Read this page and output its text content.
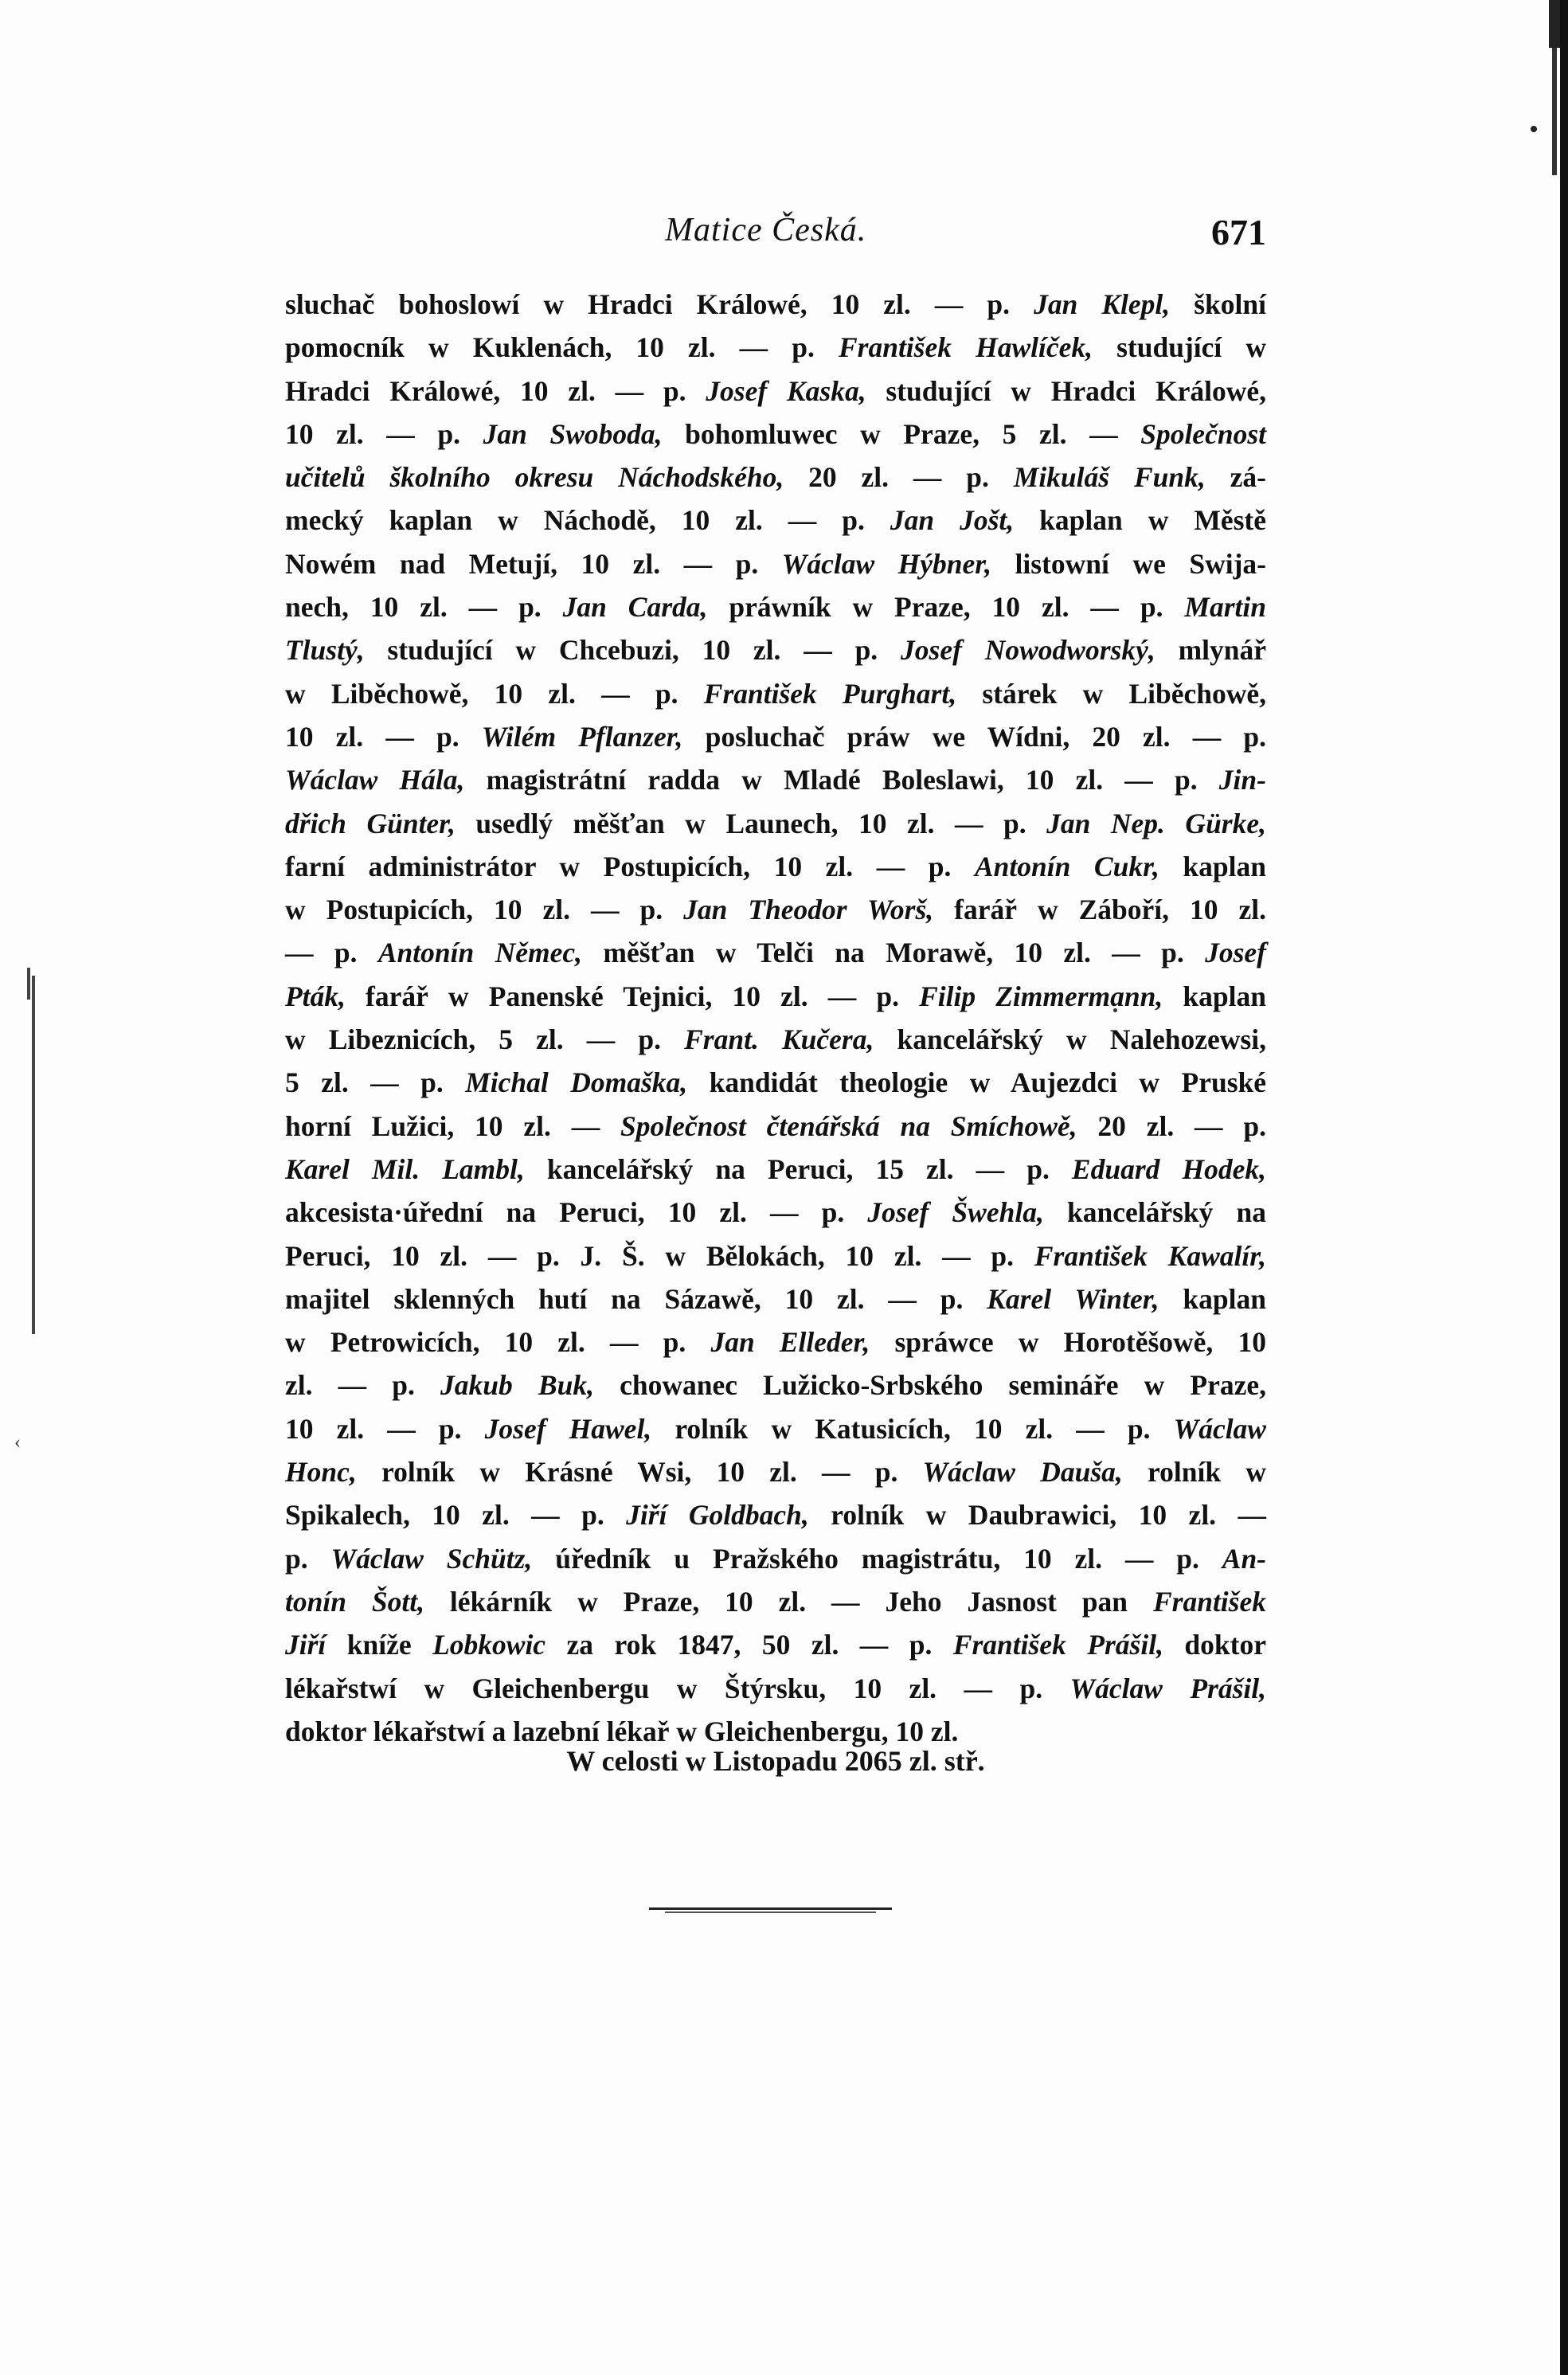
‹
Matice Česká.	671
sluchač bohoslowí w Hradci Králowé, 10 zl. — p. Jan Klepl, školní
pomocník w Kuklenách, 10 zl. — p. František Hawlíček, studující w
Hradci Králowé, 10 zl. — p. Josef Kaska, studující w Hradci Králowé,
10 zl. — p. Jan Swoboda, bohomluwec w Praze, 5 zl. — Společnost
učitelů školního okresu Náchodského, 20 zl. — p. Mikuláš Funk, zá-
mecký kaplan w Náchodě, 10 zl. — p. Jan Jošt, kaplan w Městě
Nowém nad Metují, 10 zl. — p. Wáclaw Hýbner, listowní we Swija-
nech, 10 zl. — p. Jan Carda, práwník w Praze, 10 zl. — p. Martin
Tlustý, studující w Chcebuzi, 10 zl. — p. Josef Nowodworský, mlynář
w Liběchowě, 10 zl. — p. František Purghart, stárek w Liběchowě,
10 zl. — p. Wilém Pflanzer, posluchač práw we Wídni, 20 zl. — p.
Wáclaw Hála, magistrátní radda w Mladé Boleslawi, 10 zl. — p. Jin-
dřich Günter, usedlý měšťan w Launech, 10 zl. — p. Jan Nep. Gürke,
farní administrátor w Postupicích, 10 zl. — p. Antonín Cukr, kaplan
w Postupicích, 10 zl. — p. Jan Theodor Worš, farář w Záboří, 10 zl.
— p. Antonín Němec, měšťan w Telči na Morawě, 10 zl. — p. Josef
Pták, farář w Panenské Tejnici, 10 zl. — p. Filip Zimmermann, kaplan
w Libeznicích, 5 zl. — p. Frant. Kučera, kancelářský w Nalehozewsi,
5 zl. — p. Michal Domaška, kandidát theologie w Aujezdci w Pruské
horní Lužici, 10 zl. — Společnost čtenářská na Smíchowě, 20 zl. — p.
Karel Mil. Lambl, kancelářský na Peruci, 15 zl. — p. Eduard Hodek,
akcesista·úřední na Peruci, 10 zl. — p. Josef Šwehla, kancelářský na
Peruci, 10 zl. — p. J. Š. w Bělokách, 10 zl. — p. František Kawalír,
majitel sklenných hutí na Sázawě, 10 zl. — p. Karel Winter, kaplan
w Petrowicích, 10 zl. — p. Jan Elleder, spráwce w Horotěšowě, 10
zl. — p. Jakub Buk, chowanec Lužicko-Srbského semináře w Praze,
10 zl. — p. Josef Hawel, rolník w Katusicích, 10 zl. — p. Wáclaw
Honc, rolník w Krásné Wsi, 10 zl. — p. Wáclaw Dauša, rolník w
Spikalech, 10 zl. — p. Jiří Goldbach, rolník w Daubrawici, 10 zl. —
p. Wáclaw Schütz, úředník u Pražského magistrátu, 10 zl. — p. An-
tonín Šott, lékárník w Praze, 10 zl. — Jeho Jasnost pan František
Jiří kníže Lobkowic za rok 1847, 50 zl. — p. František Prášil, doktor
lékařstwí w Gleichenbergu w Štýrsku, 10 zl. — p. Wáclaw Prášil,
doktor lékařstwí a lazební lékař w Gleichenbergu, 10 zl.
W celosti w Listopadu 2065 zl. stř.
